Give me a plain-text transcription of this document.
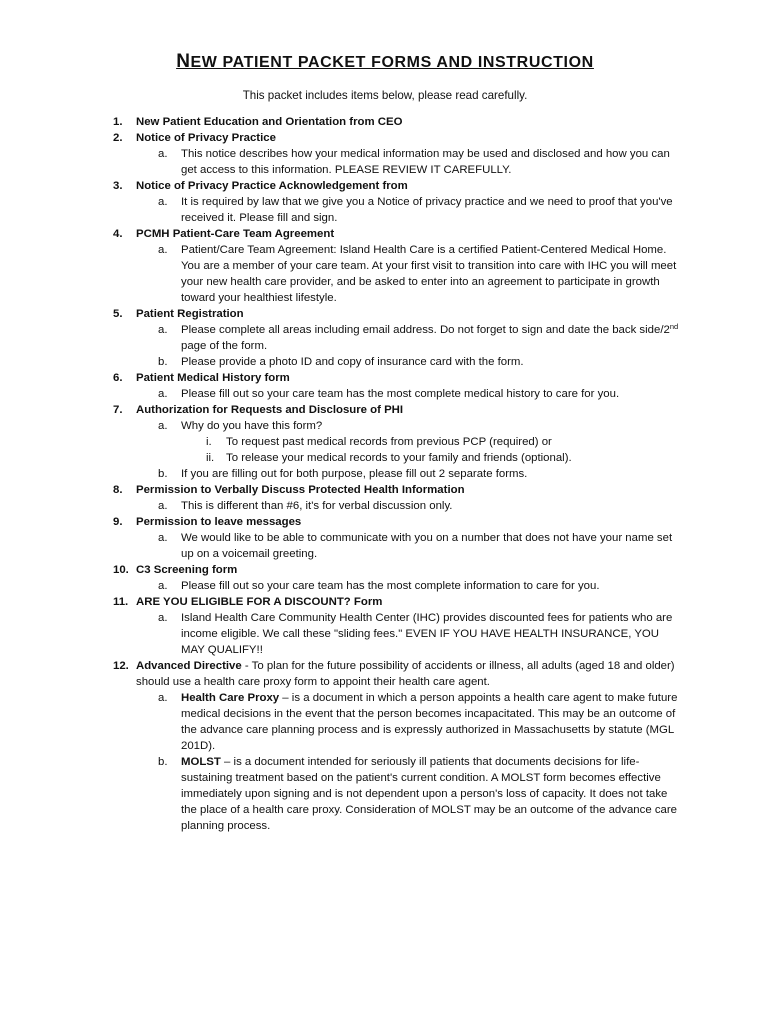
NEW PATIENT PACKET FORMS AND INSTRUCTION
This packet includes items below, please read carefully.
1. New Patient Education and Orientation from CEO
2. Notice of Privacy Practice
a. This notice describes how your medical information may be used and disclosed and how you can get access to this information. PLEASE REVIEW IT CAREFULLY.
3. Notice of Privacy Practice Acknowledgement from
a. It is required by law that we give you a Notice of privacy practice and we need to proof that you've received it. Please fill and sign.
4. PCMH Patient-Care Team Agreement
a. Patient/Care Team Agreement: Island Health Care is a certified Patient-Centered Medical Home. You are a member of your care team. At your first visit to transition into care with IHC you will meet your new health care provider, and be asked to enter into an agreement to participate in growth toward your healthiest lifestyle.
5. Patient Registration
a. Please complete all areas including email address. Do not forget to sign and date the back side/2nd page of the form.
b. Please provide a photo ID and copy of insurance card with the form.
6. Patient Medical History form
a. Please fill out so your care team has the most complete medical history to care for you.
7. Authorization for Requests and Disclosure of PHI
a. Why do you have this form?
i. To request past medical records from previous PCP (required) or
ii. To release your medical records to your family and friends (optional).
b. If you are filling out for both purpose, please fill out 2 separate forms.
8. Permission to Verbally Discuss Protected Health Information
a. This is different than #6, it's for verbal discussion only.
9. Permission to leave messages
a. We would like to be able to communicate with you on a number that does not have your name set up on a voicemail greeting.
10. C3 Screening form
a. Please fill out so your care team has the most complete information to care for you.
11. ARE YOU ELIGIBLE FOR A DISCOUNT? Form
a. Island Health Care Community Health Center (IHC) provides discounted fees for patients who are income eligible. We call these "sliding fees." EVEN IF YOU HAVE HEALTH INSURANCE, YOU MAY QUALIFY!!
12. Advanced Directive - To plan for the future possibility of accidents or illness, all adults (aged 18 and older) should use a health care proxy form to appoint their health care agent.
a. Health Care Proxy – is a document in which a person appoints a health care agent to make future medical decisions in the event that the person becomes incapacitated. This may be an outcome of the advance care planning process and is expressly authorized in Massachusetts by statute (MGL 201D).
b. MOLST – is a document intended for seriously ill patients that documents decisions for life-sustaining treatment based on the patient's current condition. A MOLST form becomes effective immediately upon signing and is not dependent upon a person's loss of capacity. It does not take the place of a health care proxy. Consideration of MOLST may be an outcome of the advance care planning process.
